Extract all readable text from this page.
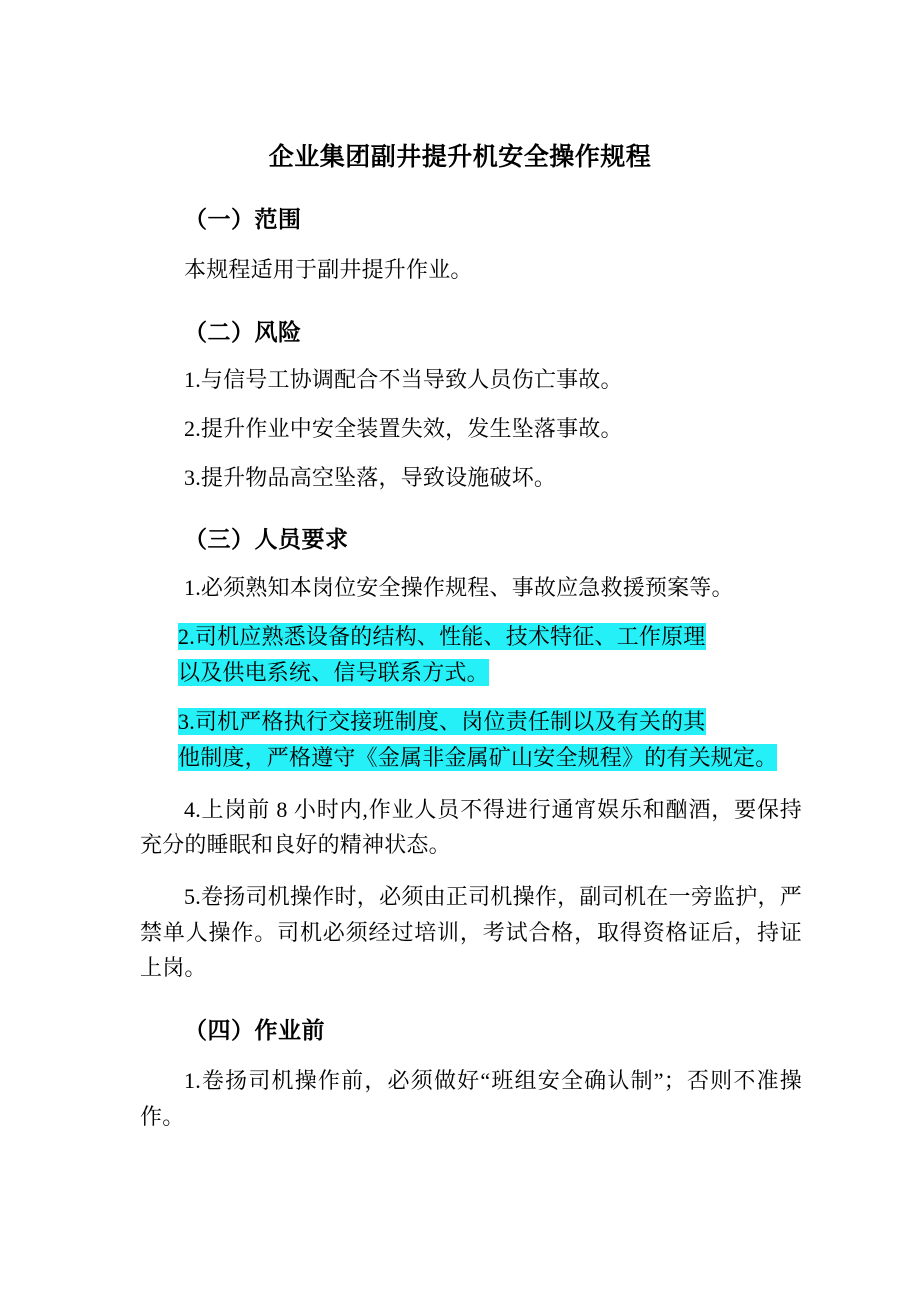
企业集团副井提升机安全操作规程
（一）范围

本规程适用于副井提升作业。

（二）风险

1.与信号工协调配合不当导致人员伤亡事故。

2.提升作业中安全装置失效，发生坠落事故。

3.提升物品高空坠落，导致设施破坏。

（三）人员要求

1.必须熟知本岗位安全操作规程、事故应急救援预案等。

2.司机应熟悉设备的结构、性能、技术特征、工作原理
以及供电系统、信号联系方式。

3.司机严格执行交接班制度、岗位责任制以及有关的其
他制度，严格遵守《金属非金属矿山安全规程》的有关规定。

4.上岗前 8 小时内,作业人员不得进行通宵娱乐和酗酒，要保持充分的睡眠和良好的精神状态。

5.卷扬司机操作时，必须由正司机操作，副司机在一旁监护，严禁单人操作。司机必须经过培训，考试合格，取得资格证后，持证上岗。

（四）作业前

1.卷扬司机操作前，必须做好“班组安全确认制”；否则不准操作。
